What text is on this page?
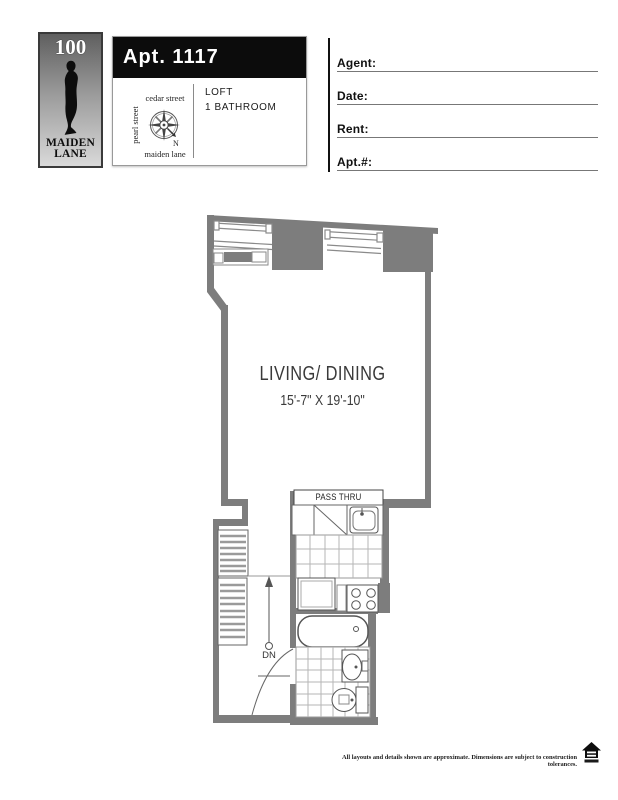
100
MAIDEN
LANE
Apt. 1117
cedar street
pearl street
maiden lane
N
LOFT
1 BATHROOM
Agent:
Date:
Rent:
Apt.#:
LIVING/ DINING
15'-7" X 19'-10"
PASS THRU
DN
All layouts and details shown are approximate. Dimensions are subject to construction tolerances.
